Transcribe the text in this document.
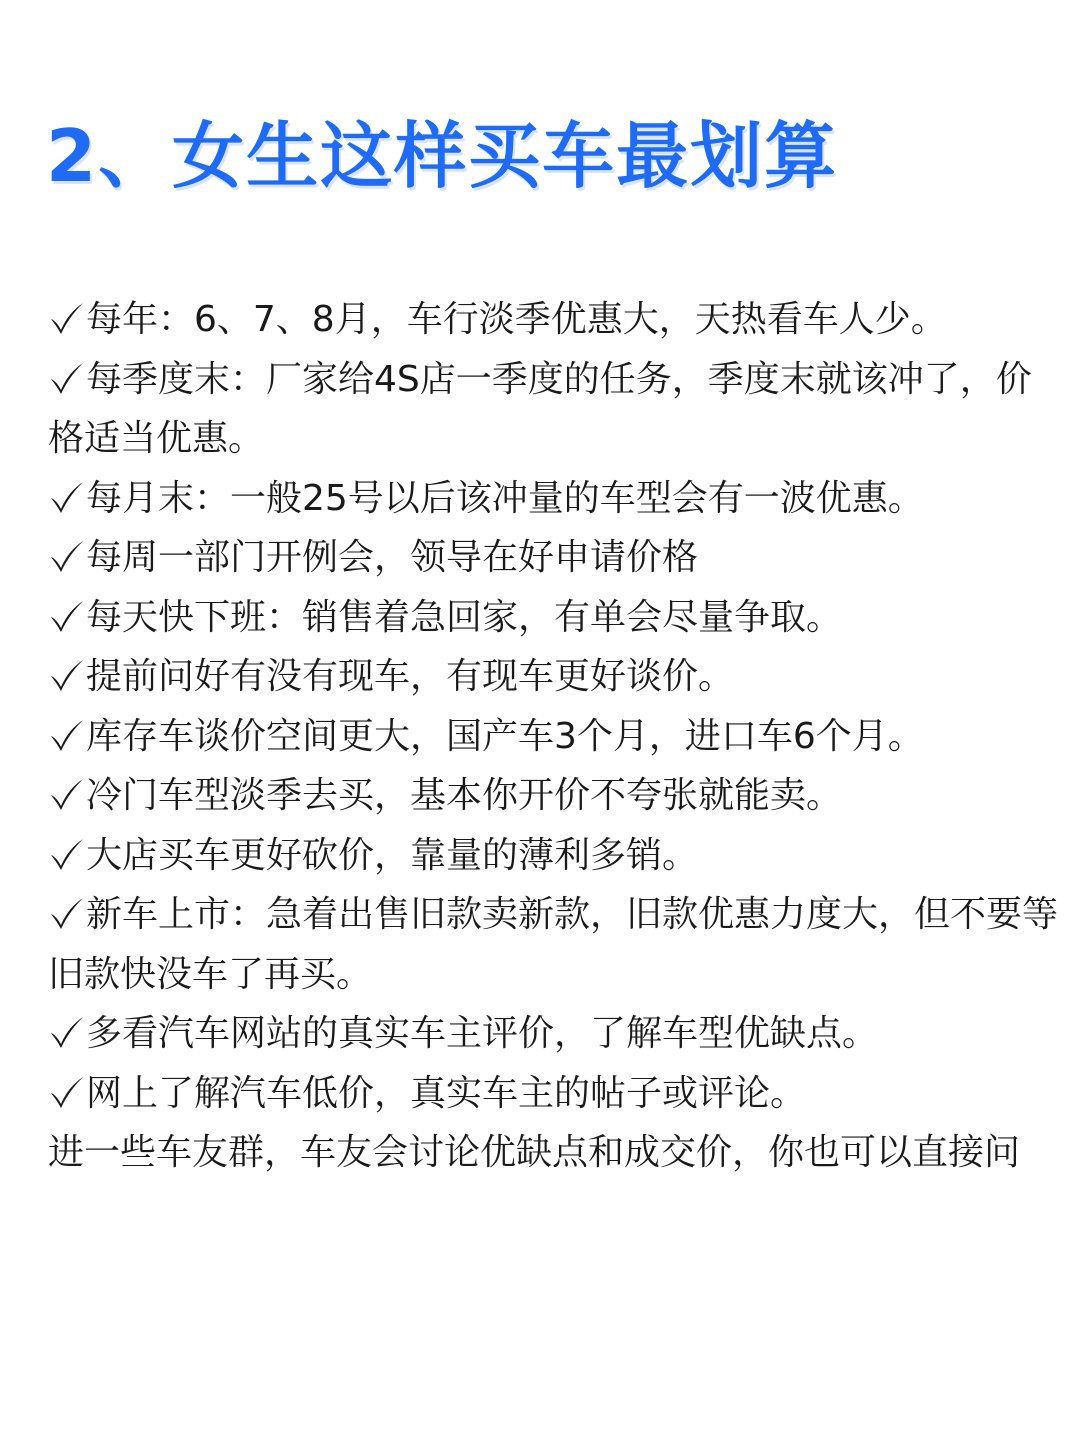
2、女生这样买车最划算

每年：6、7、8月，车行淡季优惠大，天热看车人少。

每季度末：厂家给4S店一季度的任务，季度末就该冲了，价格适当优惠。

每月末：一般25号以后该冲量的车型会有一波优惠。

每周一部门开例会，领导在好申请价格

每天快下班：销售着急回家，有单会尽量争取。

提前问好有没有现车，有现车更好谈价。

库存车谈价空间更大，国产车3个月，进口车6个月。

冷门车型淡季去买，基本你开价不夸张就能卖。

大店买车更好砍价，靠量的薄利多销。

新车上市：急着出售旧款卖新款，旧款优惠力度大，但不要等旧款快没车了再买。

多看汽车网站的真实车主评价，了解车型优缺点。

网上了解汽车低价，真实车主的帖子或评论。

进一些车友群，车友会讨论优缺点和成交价，你也可以直接问
